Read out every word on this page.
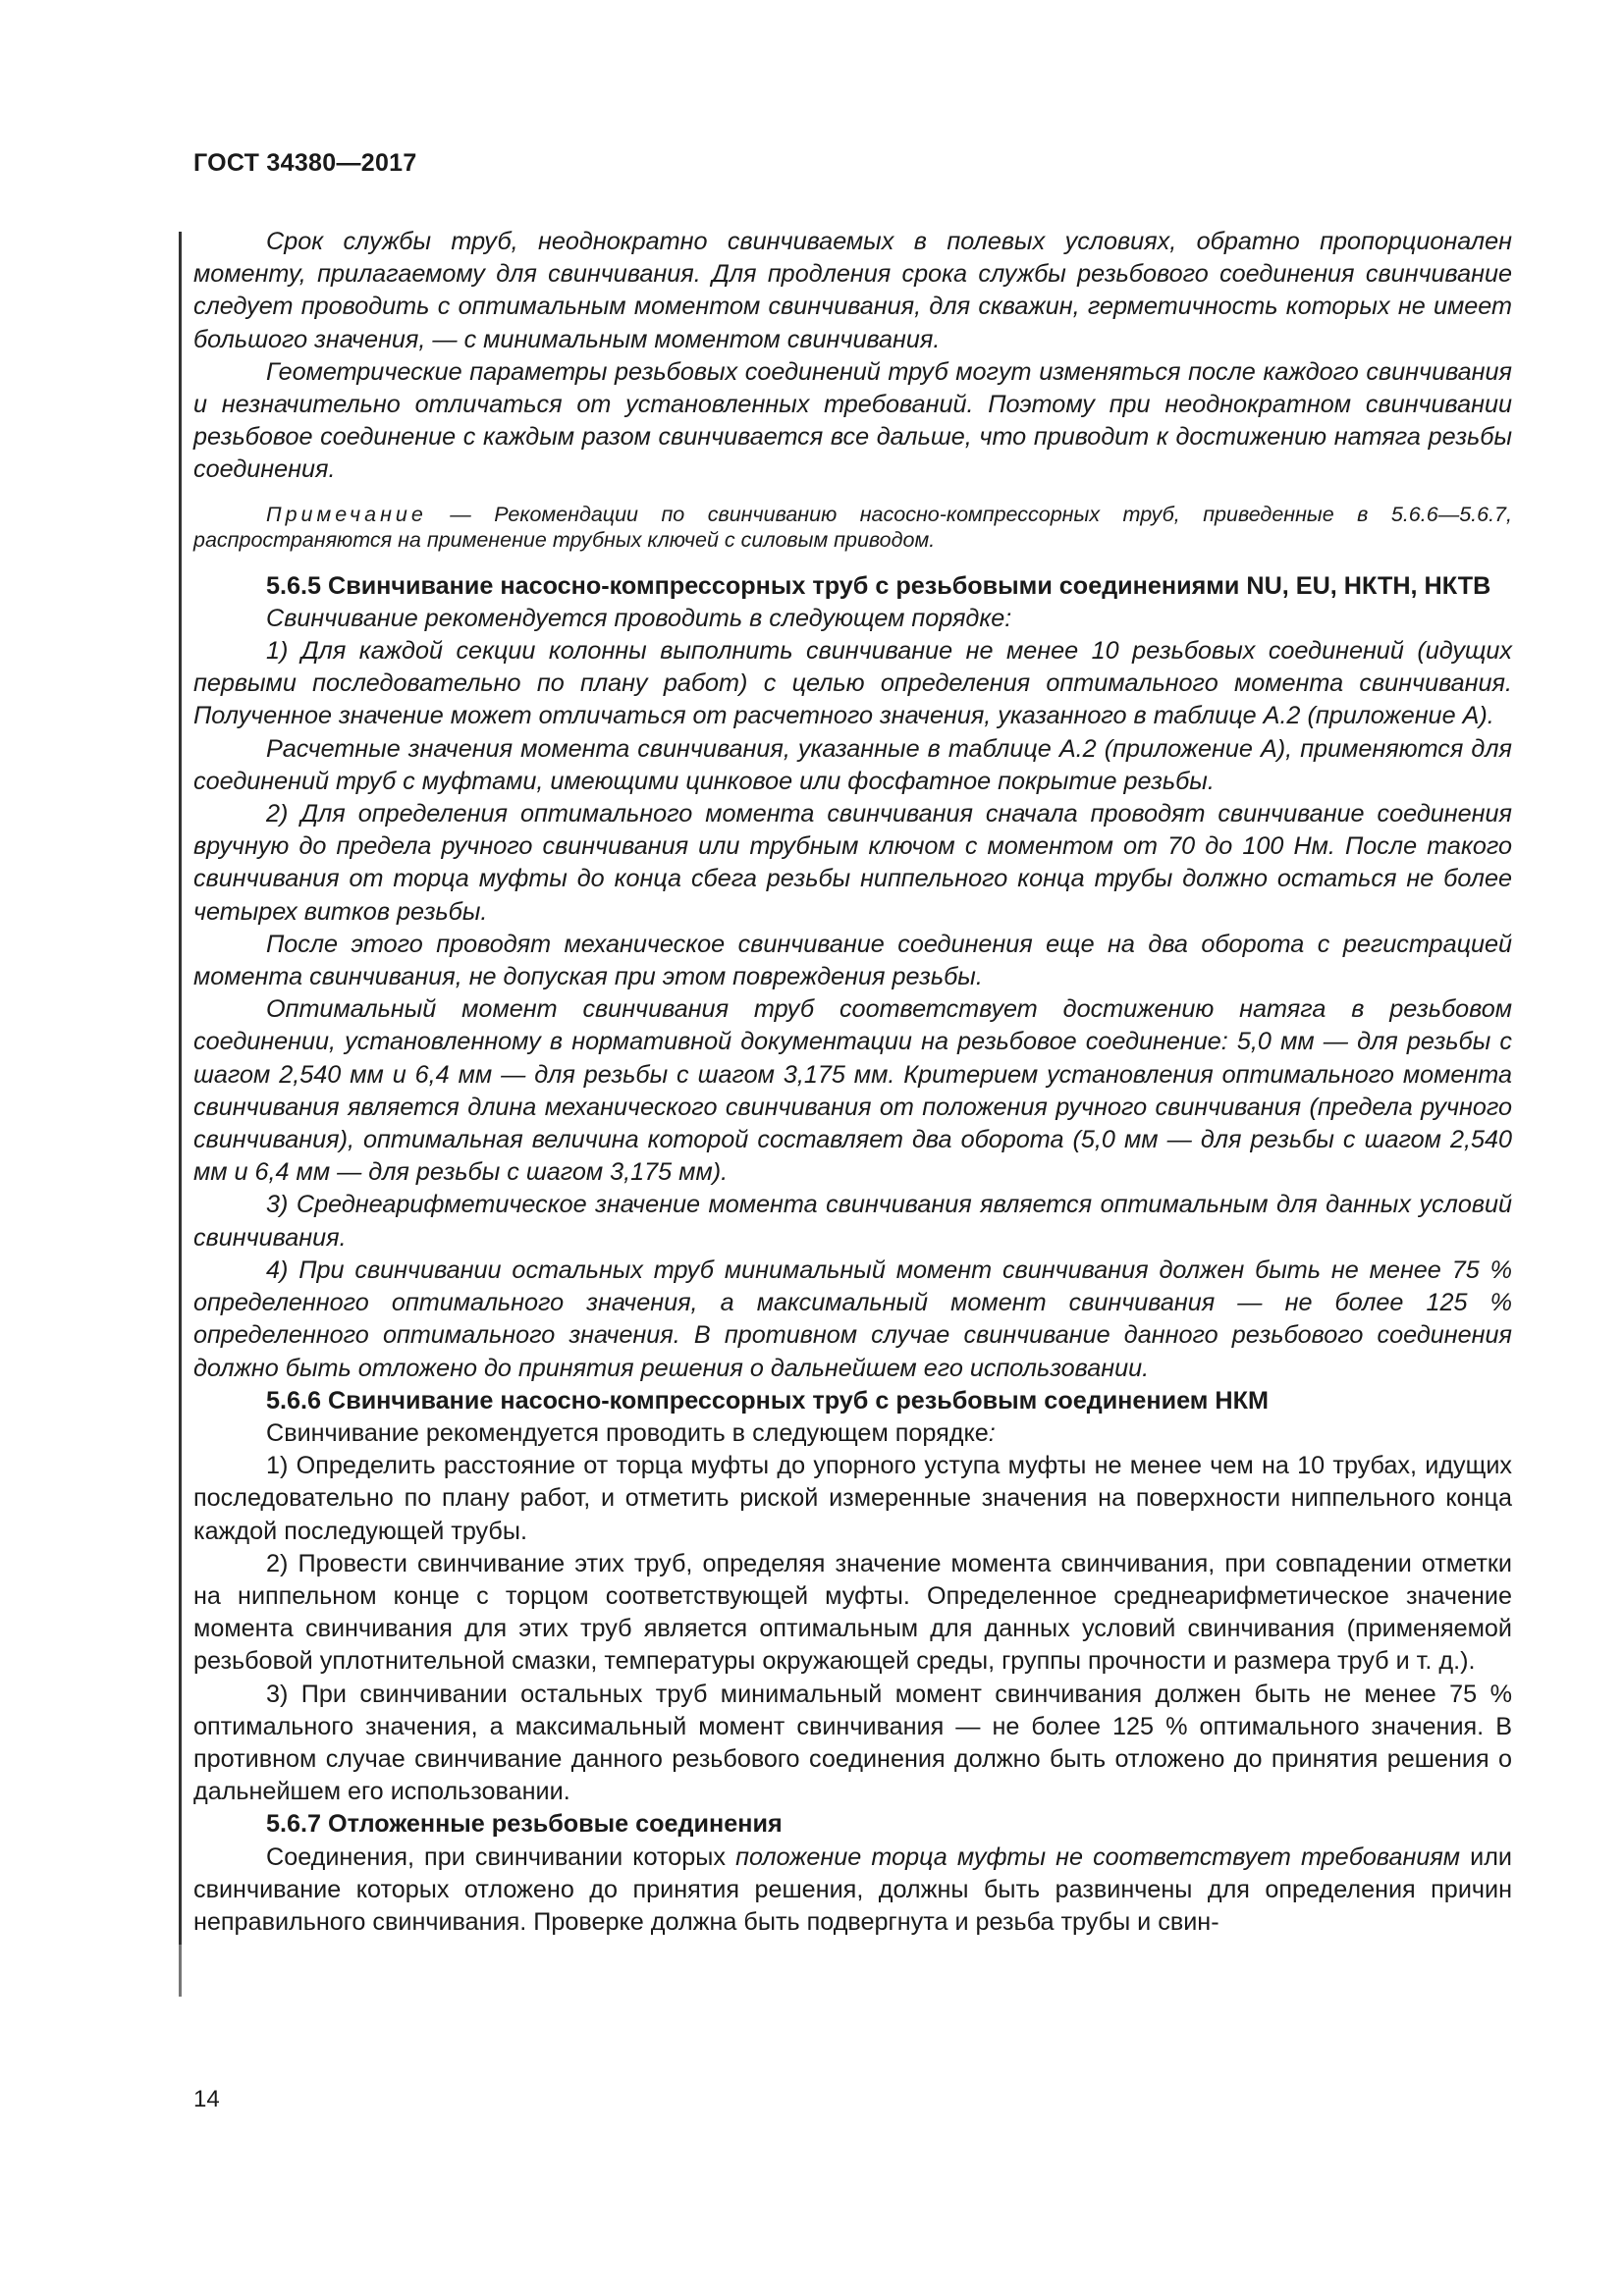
ГОСТ 34380—2017

Срок службы труб, неоднократно свинчиваемых в полевых условиях, обратно пропорционален моменту, прилагаемому для свинчивания. Для продления срока службы резьбового соединения свинчивание следует проводить с оптимальным моментом свинчивания, для скважин, герметичность которых не имеет большого значения, — с минимальным моментом свинчивания.

Геометрические параметры резьбовых соединений труб могут изменяться после каждого свинчивания и незначительно отличаться от установленных требований. Поэтому при неоднократном свинчивании резьбовое соединение с каждым разом свинчивается все дальше, что приводит к достижению натяга резьбы соединения.

Примечание — Рекомендации по свинчиванию насосно-компрессорных труб, приведенные в 5.6.6—5.6.7, распространяются на применение трубных ключей с силовым приводом.

5.6.5 Свинчивание насосно-компрессорных труб с резьбовыми соединениями NU, EU, НКТН, НКТВ

Свинчивание рекомендуется проводить в следующем порядке:

1) Для каждой секции колонны выполнить свинчивание не менее 10 резьбовых соединений (идущих первыми последовательно по плану работ) с целью определения оптимального момента свинчивания. Полученное значение может отличаться от расчетного значения, указанного в таблице А.2 (приложение А).

Расчетные значения момента свинчивания, указанные в таблице А.2 (приложение А), применяются для соединений труб с муфтами, имеющими цинковое или фосфатное покрытие резьбы.

2) Для определения оптимального момента свинчивания сначала проводят свинчивание соединения вручную до предела ручного свинчивания или трубным ключом с моментом от 70 до 100 Нм. После такого свинчивания от торца муфты до конца сбега резьбы ниппельного конца трубы должно остаться не более четырех витков резьбы.

После этого проводят механическое свинчивание соединения еще на два оборота с регистрацией момента свинчивания, не допуская при этом повреждения резьбы.

Оптимальный момент свинчивания труб соответствует достижению натяга в резьбовом соединении, установленному в нормативной документации на резьбовое соединение: 5,0 мм — для резьбы с шагом 2,540 мм и 6,4 мм — для резьбы с шагом 3,175 мм. Критерием установления оптимального момента свинчивания является длина механического свинчивания от положения ручного свинчивания (предела ручного свинчивания), оптимальная величина которой составляет два оборота (5,0 мм — для резьбы с шагом 2,540 мм и 6,4 мм — для резьбы с шагом 3,175 мм).

3) Среднеарифметическое значение момента свинчивания является оптимальным для данных условий свинчивания.

4) При свинчивании остальных труб минимальный момент свинчивания должен быть не менее 75 % определенного оптимального значения, а максимальный момент свинчивания — не более 125 % определенного оптимального значения. В противном случае свинчивание данного резьбового соединения должно быть отложено до принятия решения о дальнейшем его использовании.

5.6.6 Свинчивание насосно-компрессорных труб с резьбовым соединением НКМ

Свинчивание рекомендуется проводить в следующем порядке:

1) Определить расстояние от торца муфты до упорного уступа муфты не менее чем на 10 трубах, идущих последовательно по плану работ, и отметить риской измеренные значения на поверхности ниппельного конца каждой последующей трубы.

2) Провести свинчивание этих труб, определяя значение момента свинчивания, при совпадении отметки на ниппельном конце с торцом соответствующей муфты. Определенное среднеарифметическое значение момента свинчивания для этих труб является оптимальным для данных условий свинчивания (применяемой резьбовой уплотнительной смазки, температуры окружающей среды, группы прочности и размера труб и т. д.).

3) При свинчивании остальных труб минимальный момент свинчивания должен быть не менее 75 % оптимального значения, а максимальный момент свинчивания — не более 125 % оптимального значения. В противном случае свинчивание данного резьбового соединения должно быть отложено до принятия решения о дальнейшем его использовании.

5.6.7 Отложенные резьбовые соединения

Соединения, при свинчивании которых положение торца муфты не соответствует требованиям или свинчивание которых отложено до принятия решения, должны быть развинчены для определения причин неправильного свинчивания. Проверке должна быть подвергнута и резьба трубы и свин-

14
